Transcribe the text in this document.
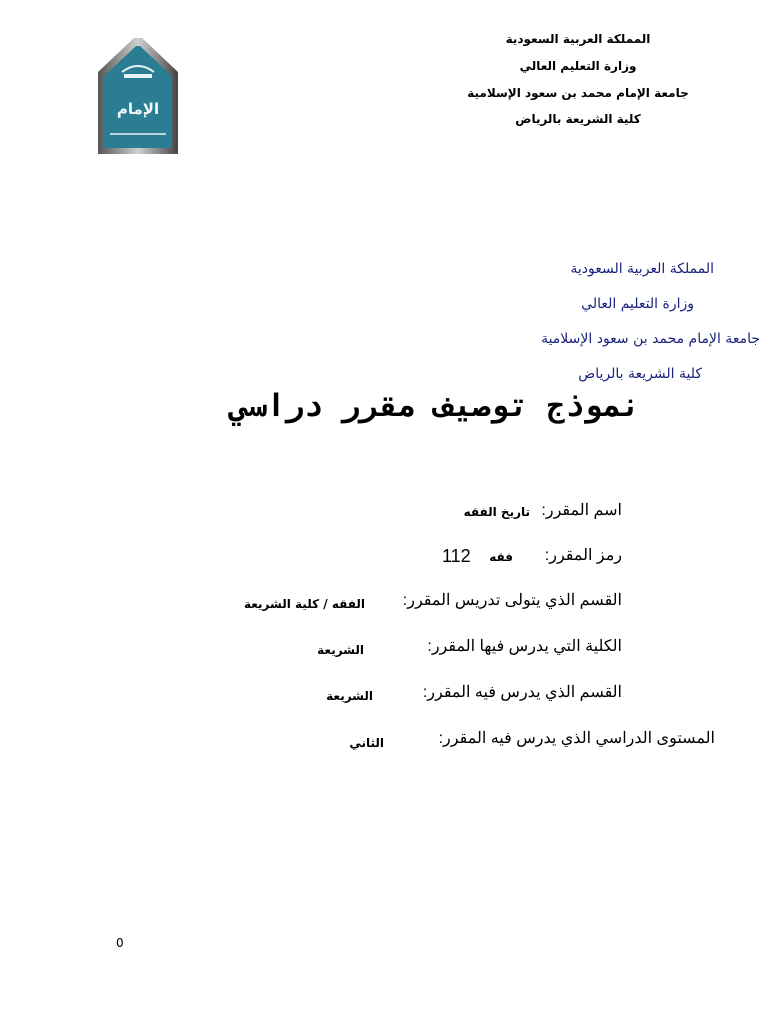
الإمام
المملكة العربية السعودية
وزارة التعليم العالي
جامعة الإمام محمد بن سعود الإسلامية
كلية الشريعة بالرياض
المملكة العربية السعودية
وزارة التعليم العالي
جامعة الإمام محمد بن سعود الإسلامية
كلية الشريعة بالرياض
نموذج توصيف مقرر دراسي
اسم المقرر:
تاريخ الفقه
رمز المقرر:
فقه
112
القسم الذي يتولى تدريس المقرر:
الفقه / كلية الشريعة
الكلية التي يدرس فيها المقرر:
الشريعة
القسم الذي يدرس فيه المقرر:
الشريعة
المستوى الدراسي الذي يدرس فيه المقرر:
الثاني
0
